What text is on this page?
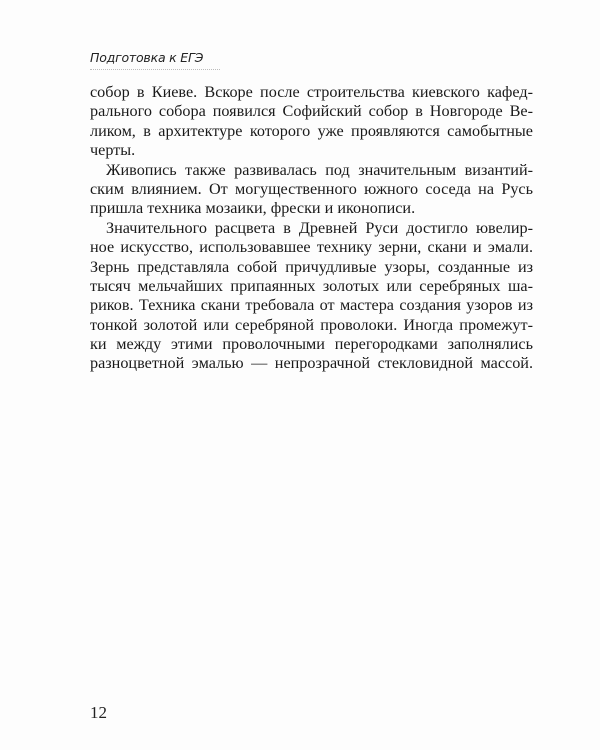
Подготовка к ЕГЭ
собор в Киеве. Вскоре после строительства киевского кафед-
рального собора появился Софийский собор в Новгороде Ве-
ликом, в архитектуре которого уже проявляются самобытные
черты.
Живопись также развивалась под значительным византий-
ским влиянием. От могущественного южного соседа на Русь
пришла техника мозаики, фрески и иконописи.
Значительного расцвета в Древней Руси достигло ювелир-
ное искусство, использовавшее технику зерни, скани и эмали.
Зернь представляла собой причудливые узоры, созданные из
тысяч мельчайших припаянных золотых или серебряных ша-
риков. Техника скани требовала от мастера создания узоров из
тонкой золотой или серебряной проволоки. Иногда промежут-
ки между этими проволочными перегородками заполнялись
разноцветной эмалью — непрозрачной стекловидной массой.
12
